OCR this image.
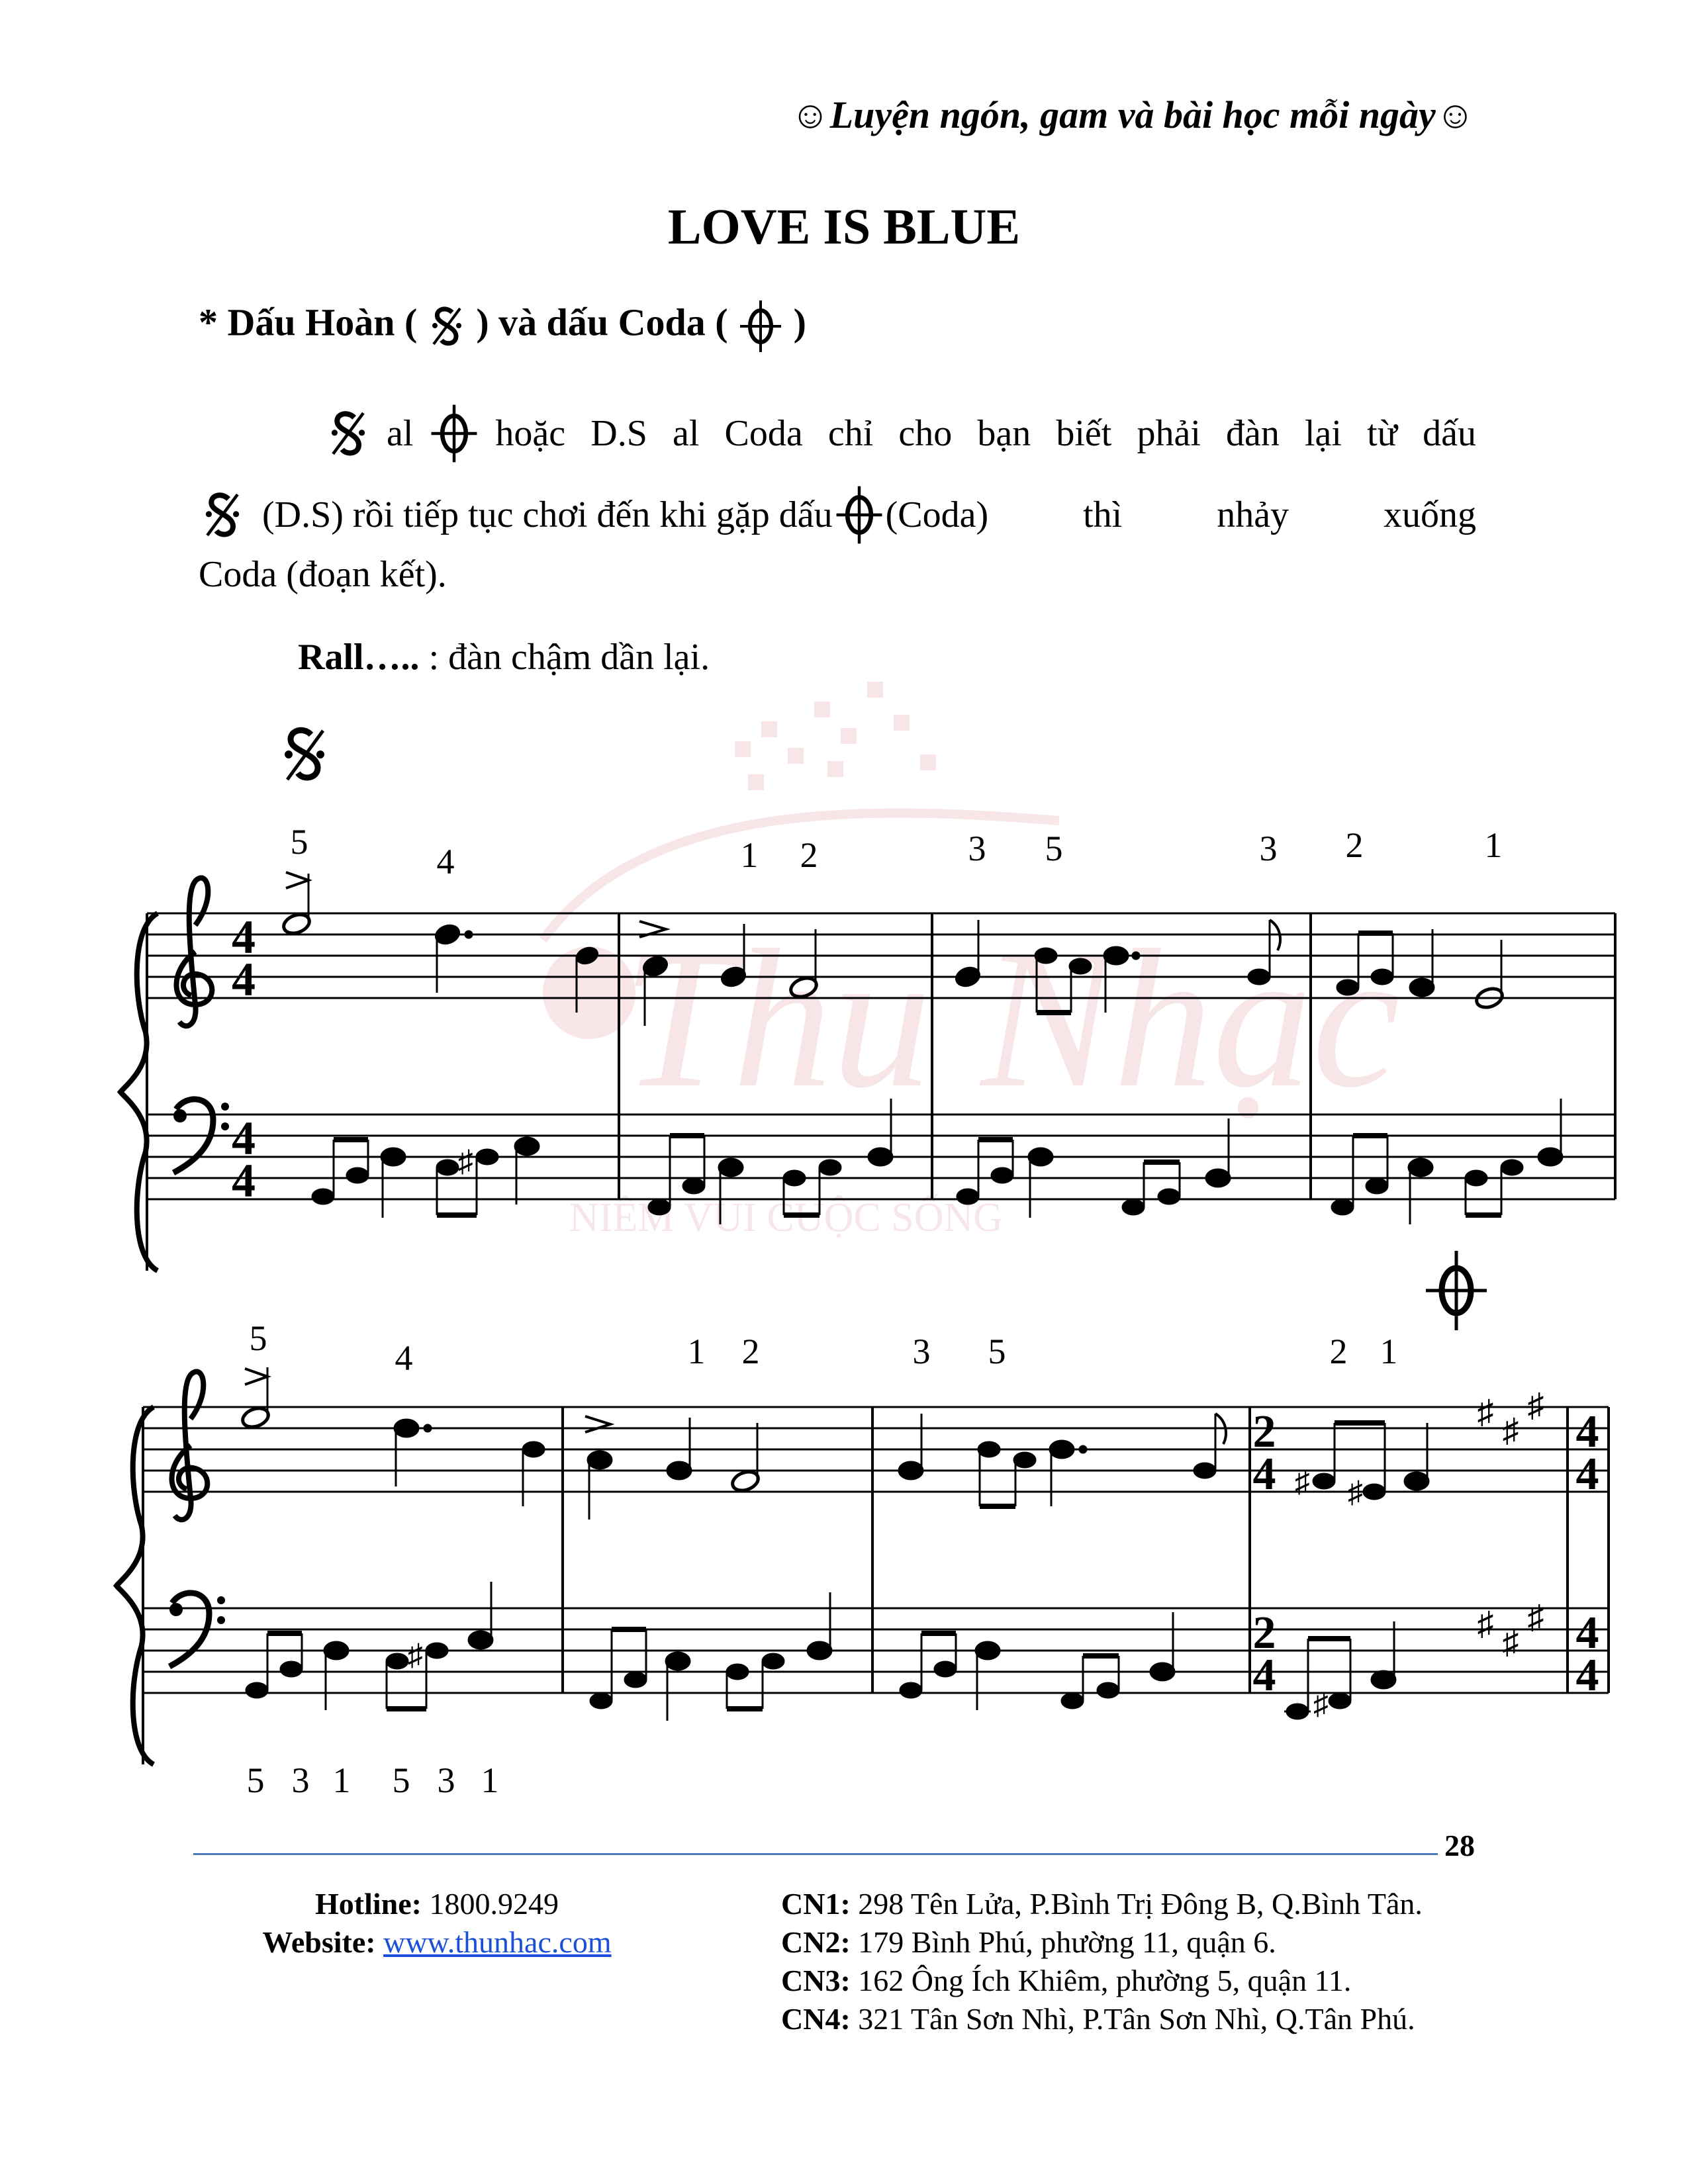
☺Luyện ngón, gam và bài học mỗi ngày☺
LOVE IS BLUE
* Dấu Hoàn ( ) và dấu Coda ( )
al hoặc D.S al Coda chỉ cho bạn biết phải đàn lại từ dấu
(D.S) rồi tiếp tục chơi đến khi gặp dấu (Coda)	thì	nhảy	xuống
Coda (đoạn kết).
Rall….. : đàn chậm dần lại.
Thu Nhạc
NIỀM VUI CUỘC SỐNG
5	4	1 2	3 5	3 2	1
4
4
4
4	♯
5	4	1 2	3 5	2 1
2
4
2
4
4
4
4
4
♯ ♯
♯
♯ ♯
♯
♯ ♯
♯
♯
5 3 1 5 3 1
28
Hotline: 1800.9249
Website: www.thunhac.com
CN1: 298 Tên Lửa, P.Bình Trị Đông B, Q.Bình Tân.
CN2: 179 Bình Phú, phường 11, quận 6.
CN3: 162 Ông Ích Khiêm, phường 5, quận 11.
CN4: 321 Tân Sơn Nhì, P.Tân Sơn Nhì, Q.Tân Phú.
